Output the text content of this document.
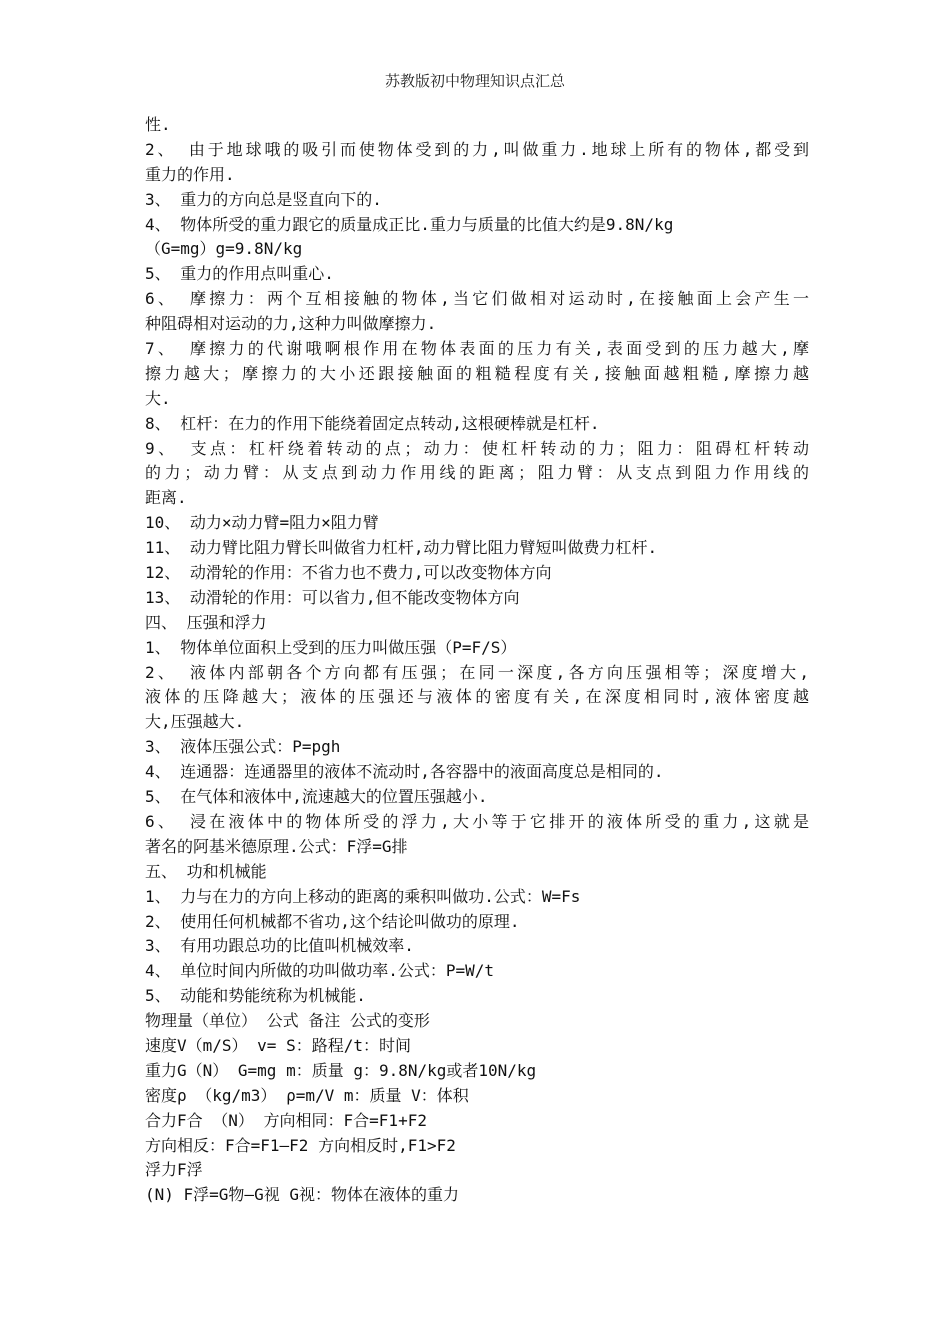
苏教版初中物理知识点汇总
性.
2、 由于地球哦的吸引而使物体受到的力,叫做重力.地球上所有的物体,都受到
重力的作用.
3、 重力的方向总是竖直向下的.
4、 物体所受的重力跟它的质量成正比.重力与质量的比值大约是9.8N/kg
（G=mg）g=9.8N/kg
5、 重力的作用点叫重心.
6、 摩擦力：两个互相接触的物体,当它们做相对运动时,在接触面上会产生一
种阻碍相对运动的力,这种力叫做摩擦力.
7、 摩擦力的代谢哦啊根作用在物体表面的压力有关,表面受到的压力越大,摩
擦力越大；摩擦力的大小还跟接触面的粗糙程度有关,接触面越粗糙,摩擦力越
大.
8、 杠杆：在力的作用下能绕着固定点转动,这根硬棒就是杠杆.
9、 支点：杠杆绕着转动的点；动力：使杠杆转动的力；阻力：阻碍杠杆转动
的力；动力臂：从支点到动力作用线的距离；阻力臂：从支点到阻力作用线的
距离.
10、 动力×动力臂=阻力×阻力臂
11、 动力臂比阻力臂长叫做省力杠杆,动力臂比阻力臂短叫做费力杠杆.
12、 动滑轮的作用：不省力也不费力,可以改变物体方向
13、 动滑轮的作用：可以省力,但不能改变物体方向
四、 压强和浮力
1、 物体单位面积上受到的压力叫做压强（P=F/S）
2、 液体内部朝各个方向都有压强；在同一深度,各方向压强相等；深度增大,
液体的压降越大；液体的压强还与液体的密度有关,在深度相同时,液体密度越
大,压强越大.
3、 液体压强公式：P=pgh
4、 连通器：连通器里的液体不流动时,各容器中的液面高度总是相同的.
5、 在气体和液体中,流速越大的位置压强越小.
6、 浸在液体中的物体所受的浮力,大小等于它排开的液体所受的重力,这就是
著名的阿基米德原理.公式：F浮=G排
五、 功和机械能
1、 力与在力的方向上移动的距离的乘积叫做功.公式：W=Fs
2、 使用任何机械都不省功,这个结论叫做功的原理.
3、 有用功跟总功的比值叫机械效率.
4、 单位时间内所做的功叫做功率.公式：P=W/t
5、 动能和势能统称为机械能.
物理量（单位） 公式 备注 公式的变形
速度V（m/S） v= S：路程/t：时间
重力G（N） G=mg m：质量 g：9.8N/kg或者10N/kg
密度ρ （kg/m3） ρ=m/V m：质量 V：体积
合力F合 （N） 方向相同：F合=F1+F2
方向相反：F合=F1—F2 方向相反时,F1>F2
浮力F浮
(N) F浮=G物—G视 G视：物体在液体的重力
